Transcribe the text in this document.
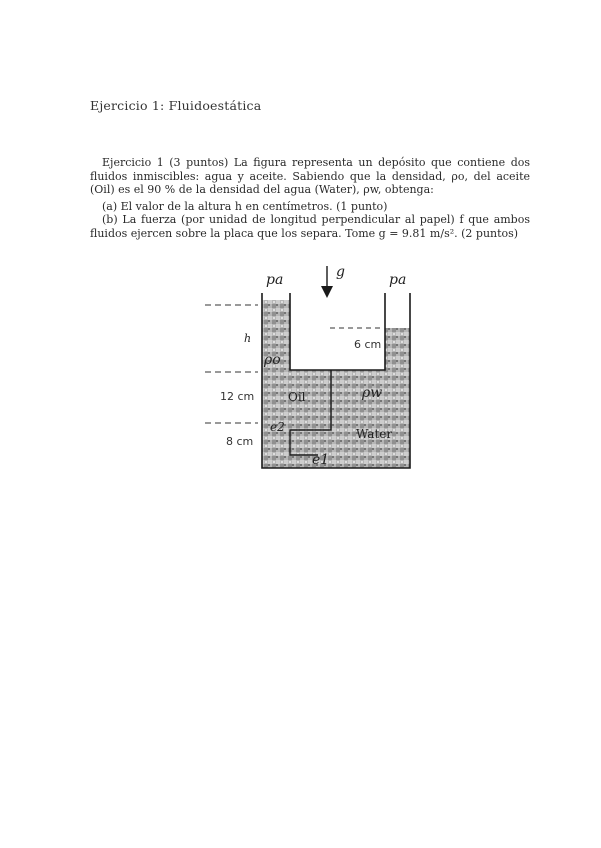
Ejercicio 1: Fluidoestática
Ejercicio 1 (3 puntos) La figura representa un depósito que contiene dos fluidos inmiscibles: agua y aceite. Sabiendo que la densidad, ρo, del aceite (Oil) es el 90 % de la densidad del agua (Water), ρw, obtenga:
(a) El valor de la altura h en centímetros. (1 punto)
(b) La fuerza (por unidad de longitud perpendicular al papel) f que ambos fluidos ejercen sobre la placa que los separa. Tome g = 9.81 m/s². (2 puntos)
pa	pa
g
h	6 cm
12 cm
8 cm
ρo
ρw
Oil
Water
e2
e1
